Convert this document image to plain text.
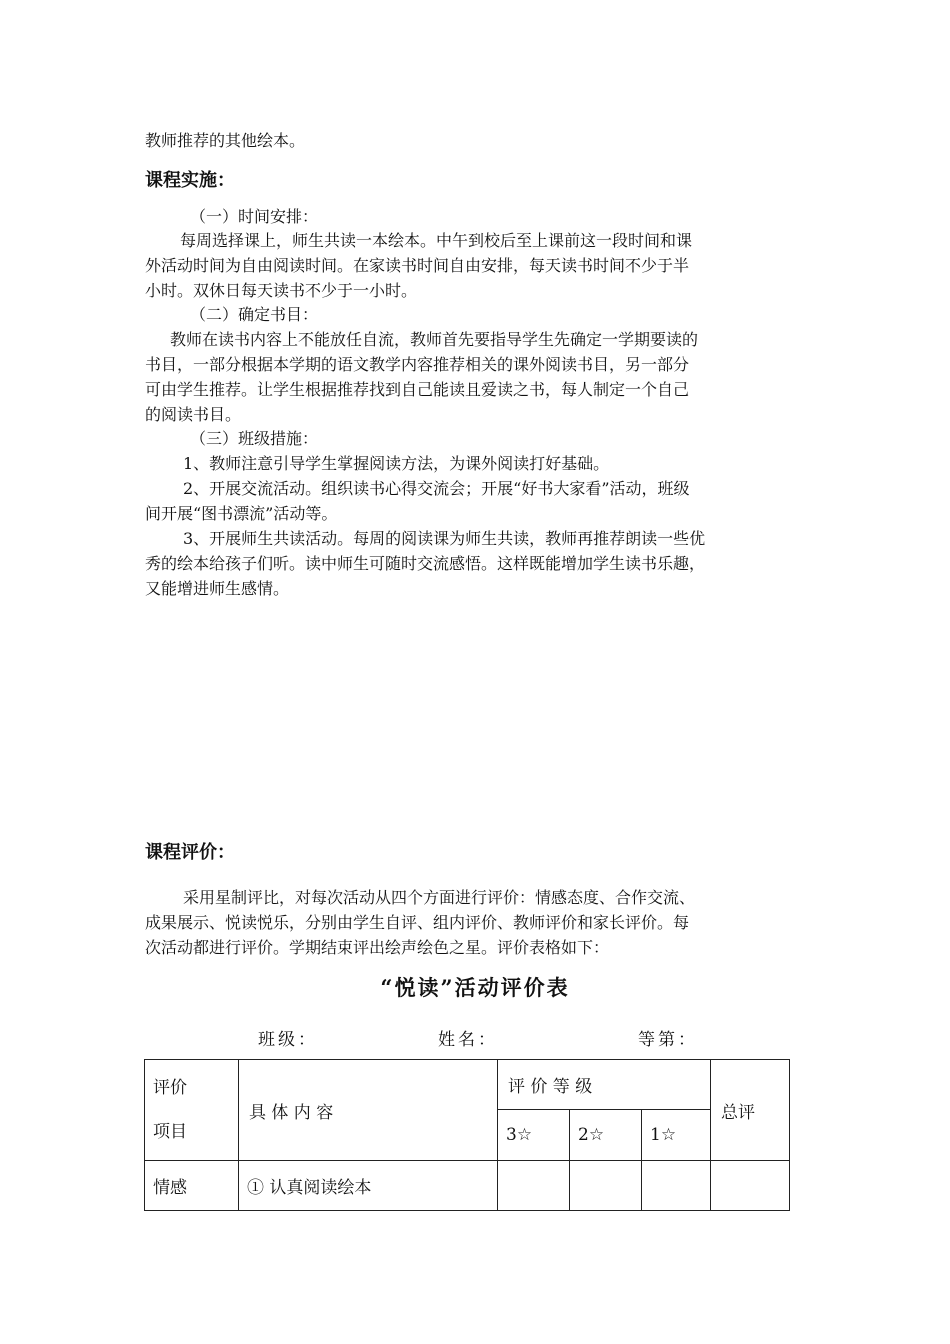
教师推荐的其他绘本。

课程实施：

（一）时间安排：

每周选择课上，师生共读一本绘本。中午到校后至上课前这一段时间和课
外活动时间为自由阅读时间。在家读书时间自由安排，每天读书时间不少于半
小时。双休日每天读书不少于一小时。

（二）确定书目：

教师在读书内容上不能放任自流，教师首先要指导学生先确定一学期要读的
书目，一部分根据本学期的语文教学内容推荐相关的课外阅读书目，另一部分
可由学生推荐。让学生根据推荐找到自己能读且爱读之书，每人制定一个自己
的阅读书目。

（三）班级措施：

1、教师注意引导学生掌握阅读方法，为课外阅读打好基础。
2、开展交流活动。组织读书心得交流会；开展“好书大家看”活动，班级
间开展“图书漂流”活动等。
3、开展师生共读活动。每周的阅读课为师生共读，教师再推荐朗读一些优
秀的绘本给孩子们听。读中师生可随时交流感悟。这样既能增加学生读书乐趣，
又能增进师生感情。
课程评价：
采用星制评比，对每次活动从四个方面进行评价：情感态度、合作交流、
成果展示、悦读悦乐，分别由学生自评、组内评价、教师评价和家长评价。每
次活动都进行评价。学期结束评出绘声绘色之星。评价表格如下：
“悦读”活动评价表
班级：	姓名：	等第：
评价
项目	具 体 内 容	评 价 等 级			总评
		3☆	2☆	1☆	
情感	① 认真阅读绘本				
